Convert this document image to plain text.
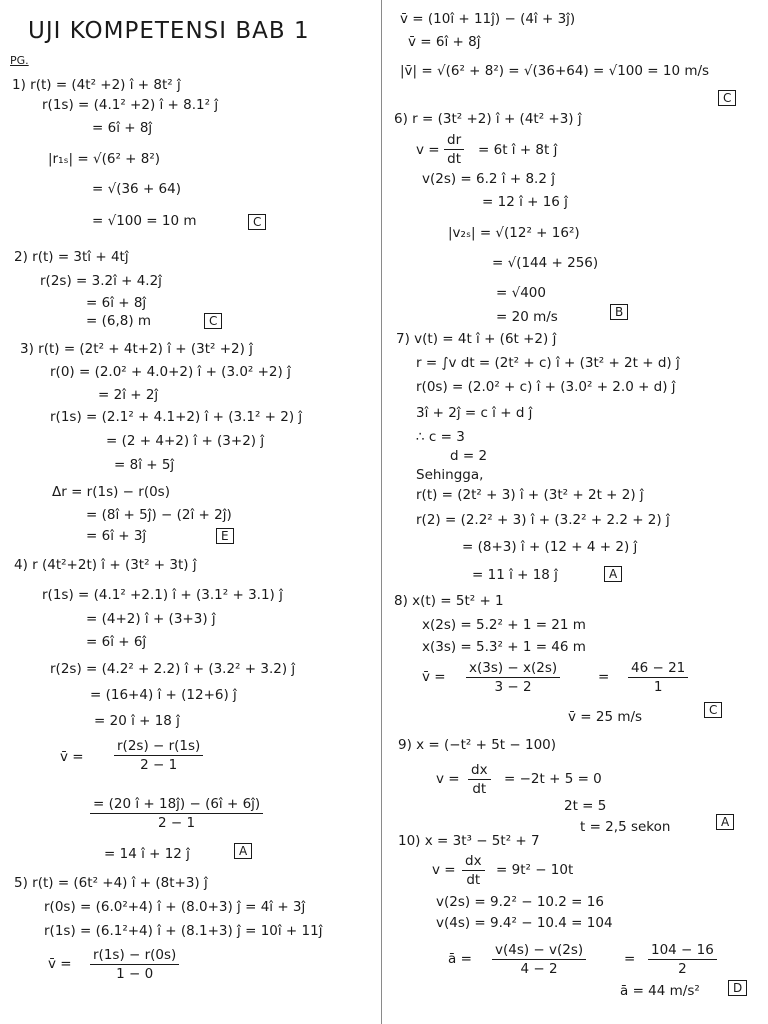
UJI KOMPETENSI BAB 1
PG.
1) r(t) = (4t² +2) î + 8t² ĵ
r(1s) = (4.1² +2) î + 8.1² ĵ
= 6î + 8ĵ
|r₁ₛ| = √(6² + 8²)
= √(36 + 64)
= √100 = 10 m	C
2) r(t) = 3tî + 4tĵ
r(2s) = 3.2î + 4.2ĵ
= 6î + 8ĵ
= (6,8) m	C
3) r(t) = (2t² + 4t+2) î + (3t² +2) ĵ
r(0) = (2.0² + 4.0+2) î + (3.0² +2) ĵ
= 2î + 2ĵ
r(1s) = (2.1² + 4.1+2) î + (3.1² + 2) ĵ
= (2 + 4+2) î + (3+2) ĵ
= 8î + 5ĵ
Δr = r(1s) − r(0s)
= (8î + 5ĵ) − (2î + 2ĵ)
= 6î + 3ĵ	E
4) r (4t²+2t) î + (3t² + 3t) ĵ
r(1s) = (4.1² +2.1) î + (3.1² + 3.1) ĵ
= (4+2) î + (3+3) ĵ
= 6î + 6ĵ
r(2s) = (4.2² + 2.2) î + (3.2² + 3.2) ĵ
= (16+4) î + (12+6) ĵ
= 20 î + 18 ĵ
v̄ = $\frac{r(2s) - r(1s)}{2 - 1}$
$\frac{= (20 î + 18ĵ) - (6î + 6ĵ)}{2 - 1}$
= 14 î + 12 ĵ	A
5) r(t) = (6t² +4) î + (8t+3) ĵ
r(0s) = (6.0²+4) î + (8.0+3) ĵ = 4î + 3ĵ
r(1s) = (6.1²+4) î + (8.1+3) ĵ = 10î + 11ĵ
v̄ = $\frac{r(1s) - r(0s)}{1 - 0}$
v̄ = (10î + 11ĵ) − (4î + 3ĵ)
v̄ = 6î + 8ĵ
|v̄| = √(6² + 8²) = √(36+64) = √100 = 10 m/s
C
6) r = (3t² +2) î + (4t² +3) ĵ
$v = \frac{dr}{dt} = 6t$ î + 8t ĵ
v(2s) = 6.2 î + 8.2 ĵ
= 12 î + 16 ĵ
|v₂ₛ| = √(12² + 16²)
= √(144 + 256)
= √400
= 20 m/s	B
7) v(t) = 4t î + (6t +2) ĵ
r = ∫v dt = (2t² + c) î + (3t² + 2t + d) ĵ
r(0s) = (2.0² + c) î + (3.0² + 2.0 + d) ĵ
3î + 2ĵ = c î + d ĵ
∴ c = 3
d = 2
Sehingga,
r(t) = (2t² + 3) î + (3t² + 2t + 2) ĵ
r(2) = (2.2² + 3) î + (3.2² + 2.2 + 2) ĵ
= (8+3) î + (12 + 4 + 2) ĵ
= 11 î + 18 ĵ	A
8) x(t) = 5t² + 1
x(2s) = 5.2² + 1 = 21 m
x(3s) = 5.3² + 1 = 46 m
v̄ = $\frac{x(3s) - x(2s)}{3 - 2}$	= $\frac{46 - 21}{1}$
v̄ = 25 m/s	C
9) x = (−t² + 5t − 100)
$v = \frac{dx}{dt} = -2t + 5 = 0$
2t = 5
t = 2,5 sekon	A
10) x = 3t³ − 5t² + 7
$v = \frac{dx}{dt} = 9t^2 - 10t$
v(2s) = 9.2² − 10.2 = 16
v(4s) = 9.4² − 10.4 = 104
ā = $\frac{v(4s) - v(2s)}{4 - 2}$	= $\frac{104 - 16}{2}$
ā = 44 m/s²	D
